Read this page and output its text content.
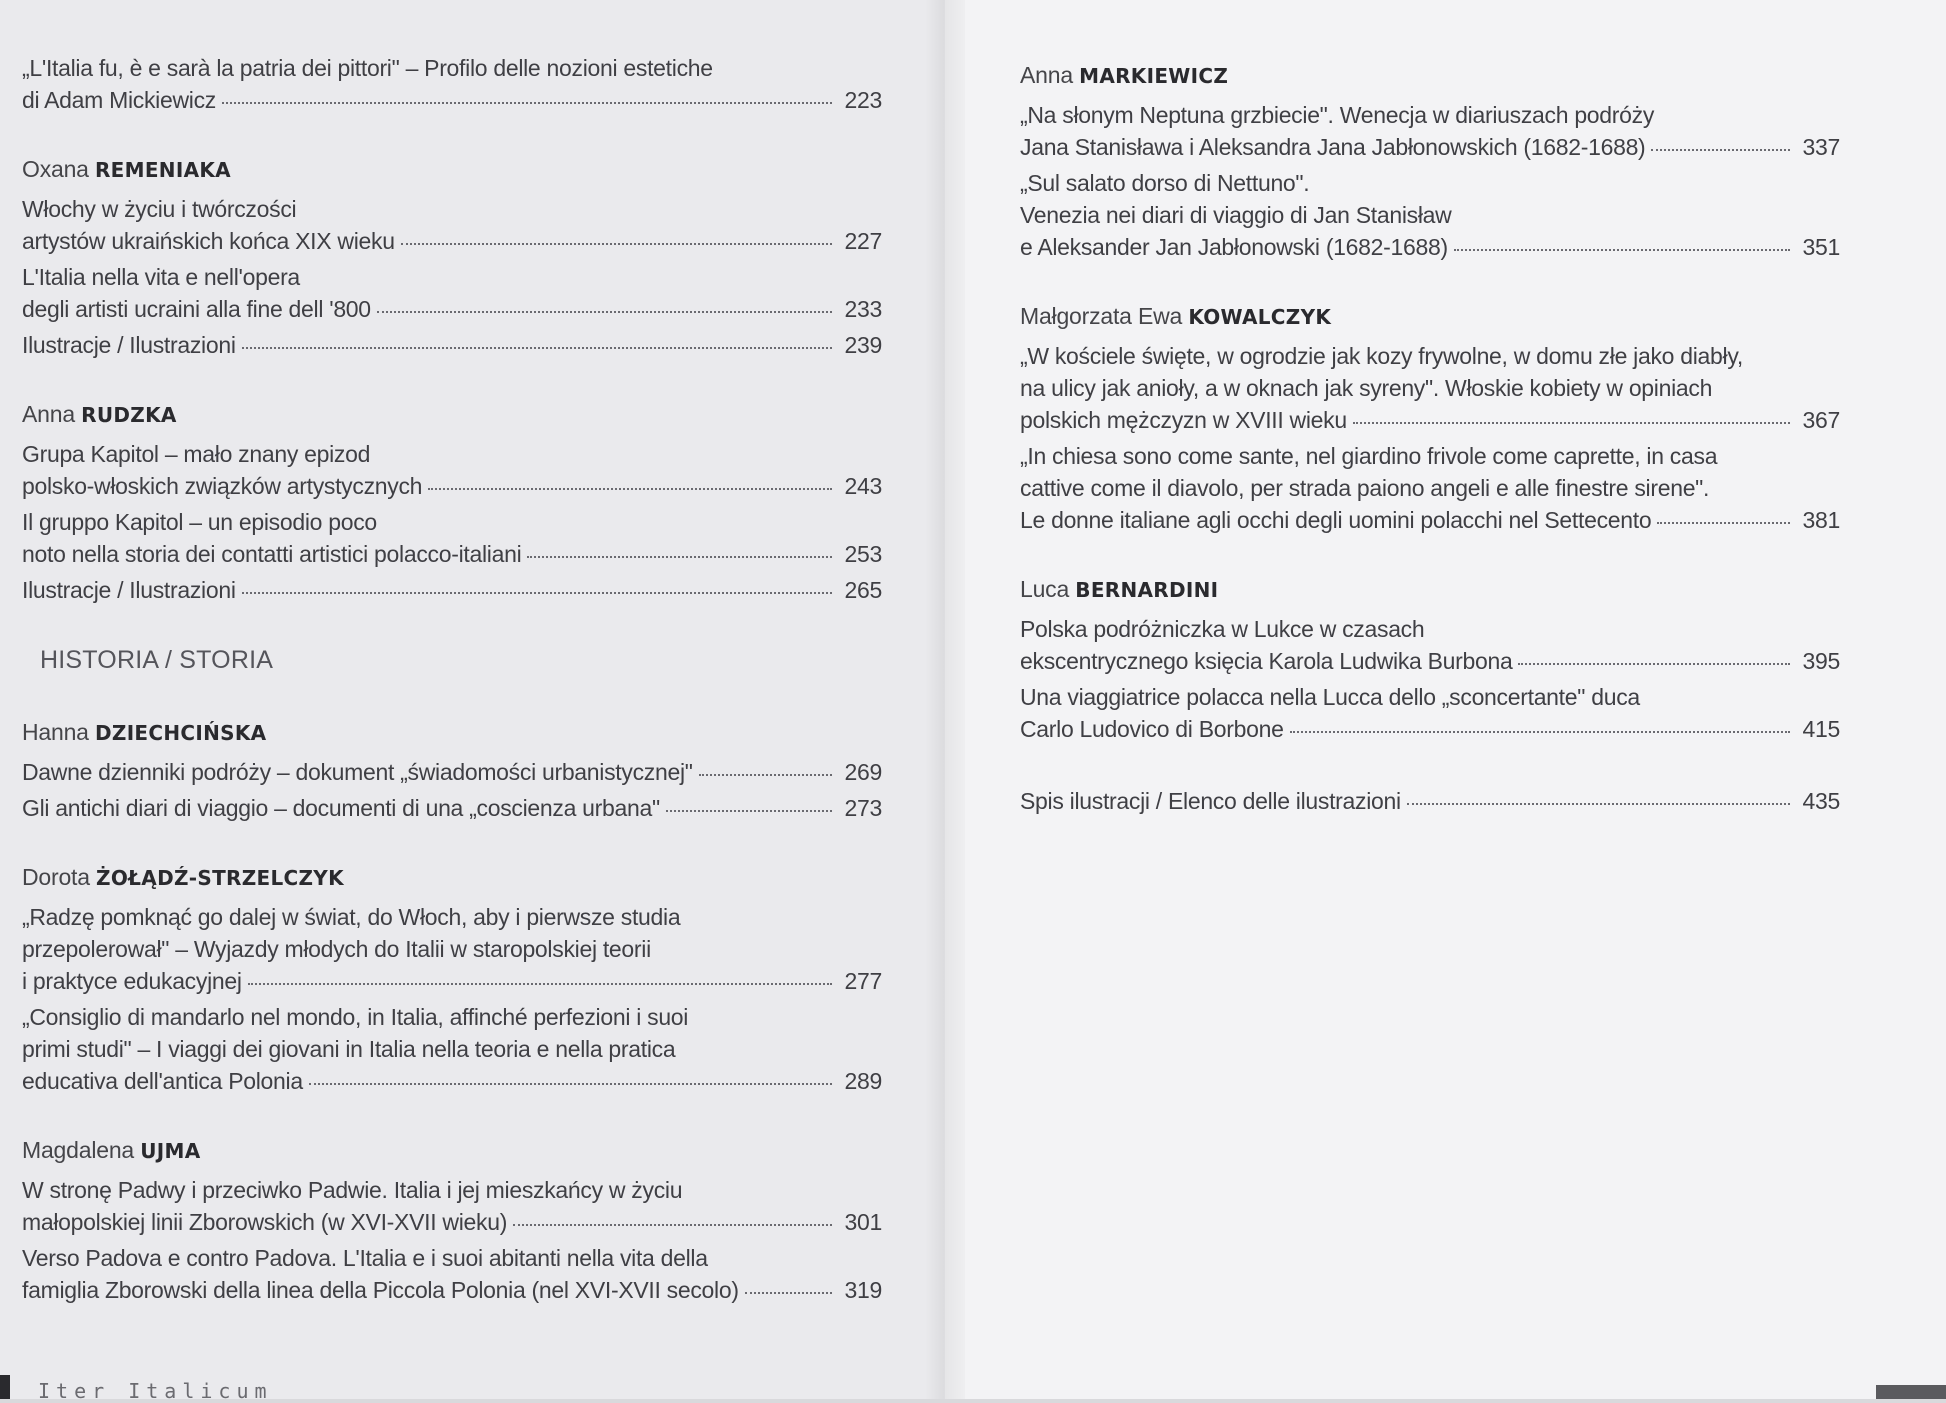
„L'Italia fu, è e sarà la patria dei pittori" – Profilo delle nozioni estetiche
di Adam Mickiewicz	223
Oxana REMENIAKA
Włochy w życiu i twórczości
artystów ukraińskich końca XIX wieku	227
L'Italia nella vita e nell'opera
degli artisti ucraini alla fine dell '800	233
Ilustracje / Ilustrazioni	239
Anna RUDZKA
Grupa Kapitol – mało znany epizod
polsko-włoskich związków artystycznych	243
Il gruppo Kapitol – un episodio poco
noto nella storia dei contatti artistici polacco-italiani	253
Ilustracje / Ilustrazioni	265
HISTORIA / STORIA
Hanna DZIECHCIŃSKA
Dawne dzienniki podróży – dokument „świadomości urbanistycznej"	269
Gli antichi diari di viaggio – documenti di una „coscienza urbana"	273
Dorota ŻOŁĄDŹ-STRZELCZYK
„Radzę pomknąć go dalej w świat, do Włoch, aby i pierwsze studia
przepolerował" – Wyjazdy młodych do Italii w staropolskiej teorii
i praktyce edukacyjnej	277
„Consiglio di mandarlo nel mondo, in Italia, affinché perfezioni i suoi
primi studi" – I viaggi dei giovani in Italia nella teoria e nella pratica
educativa dell'antica Polonia	289
Magdalena UJMA
W stronę Padwy i przeciwko Padwie. Italia i jej mieszkańcy w życiu
małopolskiej linii Zborowskich (w XVI-XVII wieku)	301
Verso Padova e contro Padova. L'Italia e i suoi abitanti nella vita della
famiglia Zborowski della linea della Piccola Polonia (nel XVI-XVII secolo)	319
Iter Italicum
Anna MARKIEWICZ
„Na słonym Neptuna grzbiecie". Wenecja w diariuszach podróży
Jana Stanisława i Aleksandra Jana Jabłonowskich (1682-1688)	337
„Sul salato dorso di Nettuno".
Venezia nei diari di viaggio di Jan Stanisław
e Aleksander Jan Jabłonowski (1682-1688)	351
Małgorzata Ewa KOWALCZYK
„W kościele święte, w ogrodzie jak kozy frywolne, w domu złe jako diabły,
na ulicy jak anioły, a w oknach jak syreny". Włoskie kobiety w opiniach
polskich mężczyzn w XVIII wieku	367
„In chiesa sono come sante, nel giardino frivole come caprette, in casa
cattive come il diavolo, per strada paiono angeli e alle finestre sirene".
Le donne italiane agli occhi degli uomini polacchi nel Settecento	381
Luca BERNARDINI
Polska podróżniczka w Lukce w czasach
ekscentrycznego księcia Karola Ludwika Burbona	395
Una viaggiatrice polacca nella Lucca dello „sconcertante" duca
Carlo Ludovico di Borbone	415
Spis ilustracji / Elenco delle ilustrazioni	435
